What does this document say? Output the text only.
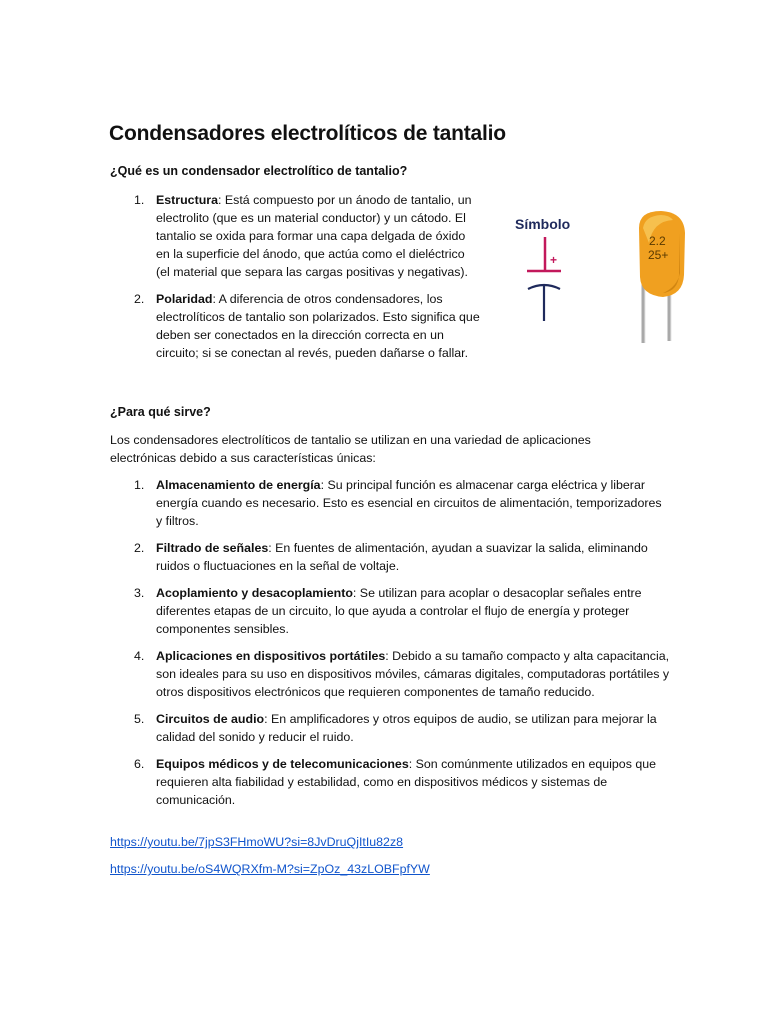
Condensadores electrolíticos de tantalio

¿Qué es un condensador electrolítico de tantalio?

1. Estructura: Está compuesto por un ánodo de tantalio, un electrolito (que es un material conductor) y un cátodo. El tantalio se oxida para formar una capa delgada de óxido en la superficie del ánodo, que actúa como el dieléctrico (el material que separa las cargas positivas y negativas).
2. Polaridad: A diferencia de otros condensadores, los electrolíticos de tantalio son polarizados. Esto significa que deben ser conectados en la dirección correcta en un circuito; si se conectan al revés, pueden dañarse o fallar.
Símbolo
+
2.2
25+

¿Para qué sirve?

Los condensadores electrolíticos de tantalio se utilizan en una variedad de aplicaciones electrónicas debido a sus características únicas:

1. Almacenamiento de energía: Su principal función es almacenar carga eléctrica y liberar energía cuando es necesario. Esto es esencial en circuitos de alimentación, temporizadores y filtros.
2. Filtrado de señales: En fuentes de alimentación, ayudan a suavizar la salida, eliminando ruidos o fluctuaciones en la señal de voltaje.
3. Acoplamiento y desacoplamiento: Se utilizan para acoplar o desacoplar señales entre diferentes etapas de un circuito, lo que ayuda a controlar el flujo de energía y proteger componentes sensibles.
4. Aplicaciones en dispositivos portátiles: Debido a su tamaño compacto y alta capacitancia, son ideales para su uso en dispositivos móviles, cámaras digitales, computadoras portátiles y otros dispositivos electrónicos que requieren componentes de tamaño reducido.
5. Circuitos de audio: En amplificadores y otros equipos de audio, se utilizan para mejorar la calidad del sonido y reducir el ruido.
6. Equipos médicos y de telecomunicaciones: Son comúnmente utilizados en equipos que requieren alta fiabilidad y estabilidad, como en dispositivos médicos y sistemas de comunicación.
https://youtu.be/7jpS3FHmoWU?si=8JvDruQjItIu82z8
https://youtu.be/oS4WQRXfm-M?si=ZpOz_43zLOBFpfYW
